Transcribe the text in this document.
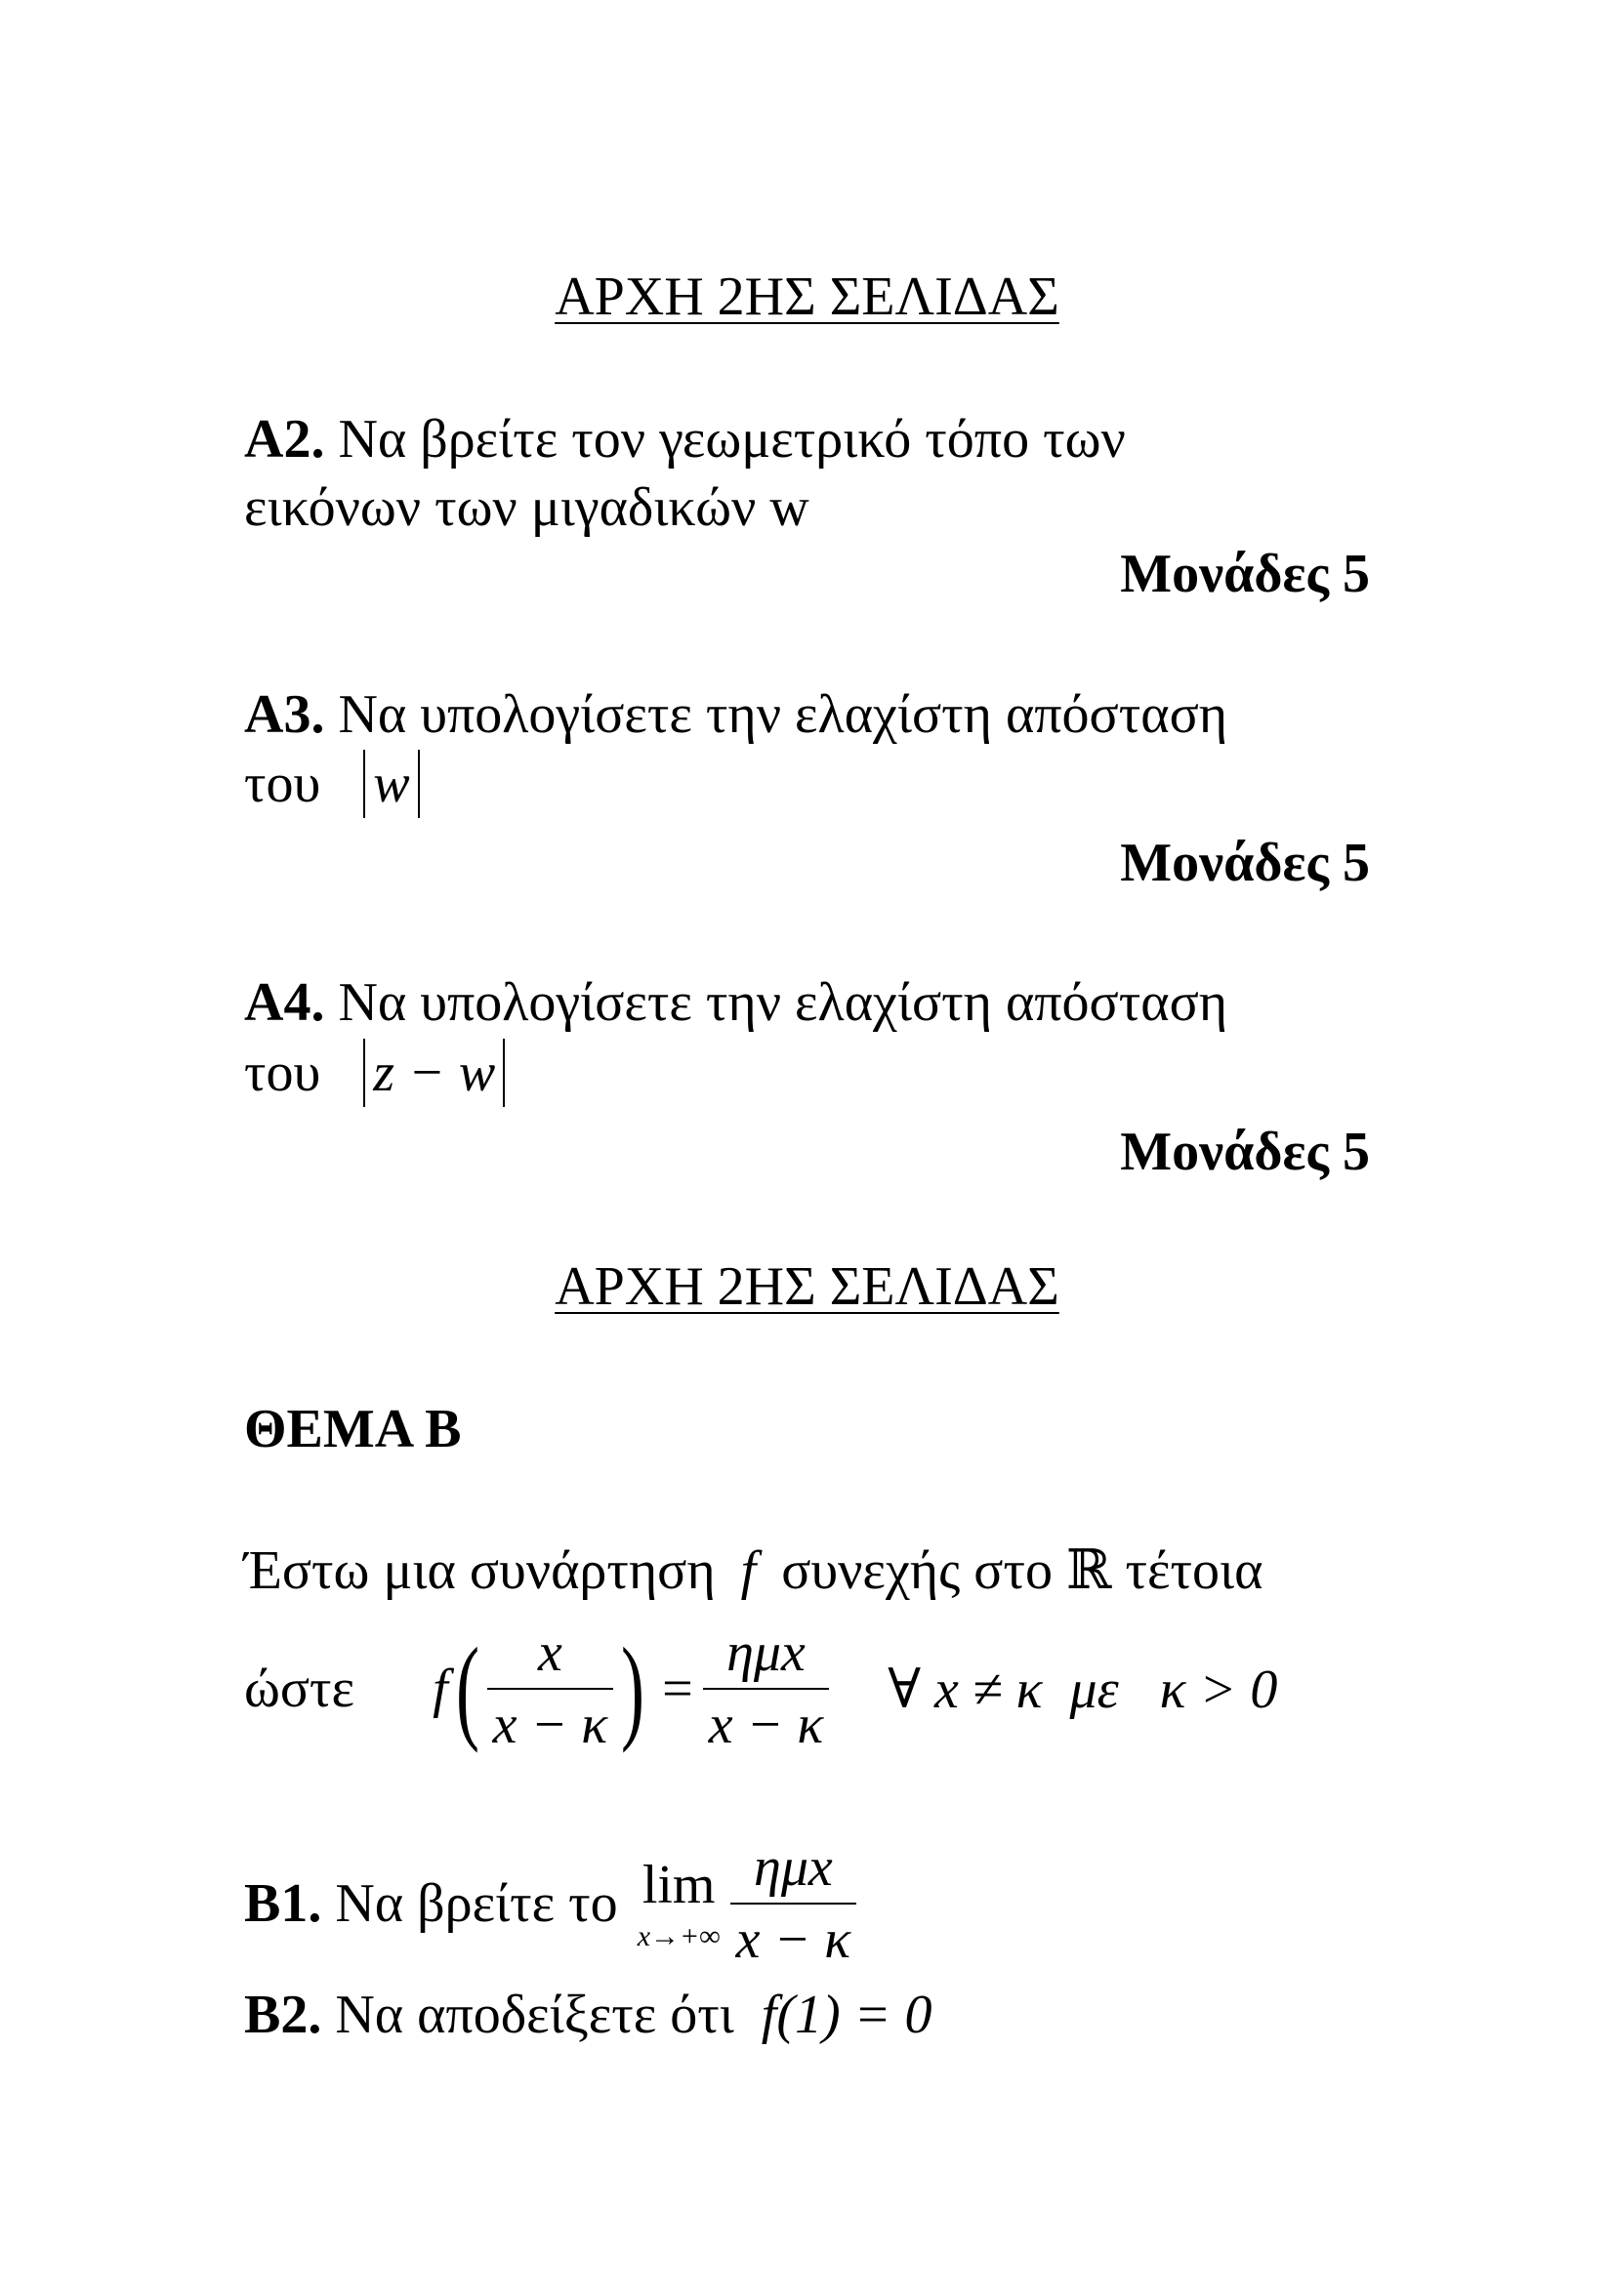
ΑΡΧΗ 2ΗΣ ΣΕΛΙΔΑΣ
Α2. Να βρείτε τον γεωμετρικό τόπο των
εικόνων των μιγαδικών w
Μονάδες 5
Α3. Να υπολογίσετε την ελαχίστη απόσταση
του w
Μονάδες 5
Α4. Να υπολογίσετε την ελαχίστη απόσταση
του z − w
Μονάδες 5
ΑΡΧΗ 2ΗΣ ΣΕΛΙΔΑΣ
ΘΕΜΑ Β
Έστω μια συνάρτηση f συνεχής στο ℝ τέτοια
ώστε f ( $\frac{x}{x - \kappa}$ ) = $\frac{\text{ημx}}{x - \kappa}$ ∀ x ≠ κ  με   κ > 0
Β1. Να βρείτε το lim
$x\to+\infty \frac{\text{ημx}}{x - \kappa}$
Β2. Να αποδείξετε ότι f(1) = 0
